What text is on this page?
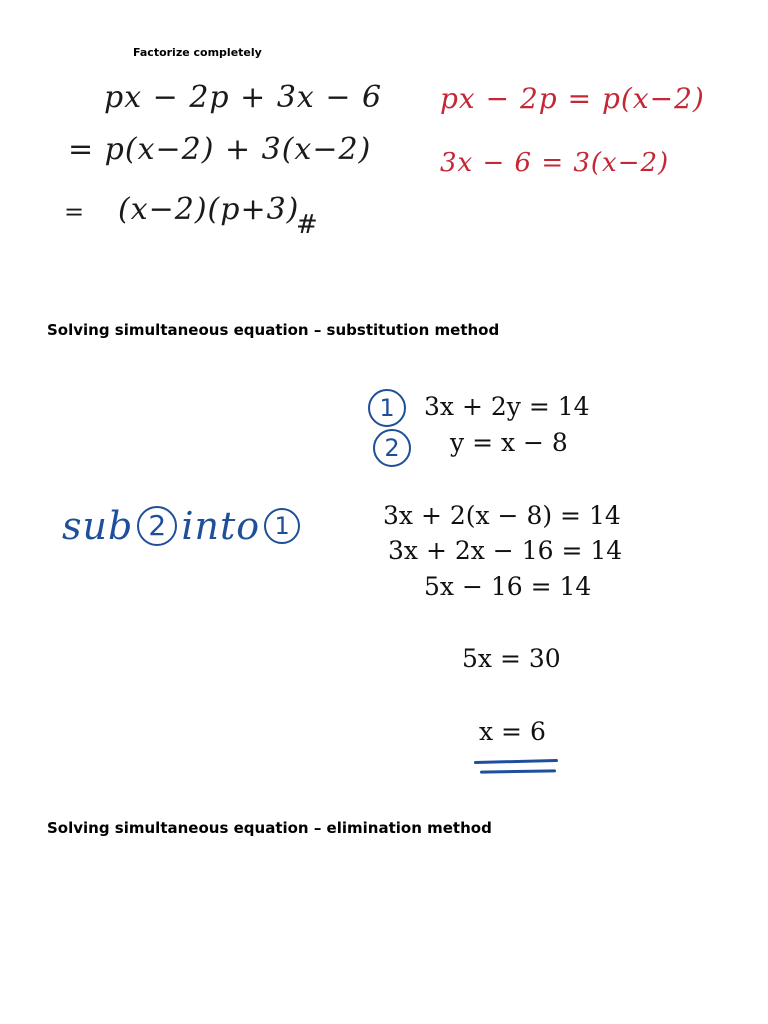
Factorize completely
px − 2p + 3x − 6
= p(x−2) + 3(x−2)
= (x−2)(p+3)
#
px − 2p = p(x−2)
3x − 6 = 3(x−2)
Solving simultaneous equation – substitution method
1	3x + 2y = 14
2	y = x − 8
sub 2 into 1	3x + 2(x − 8) = 14
3x + 2x − 16 = 14
5x − 16 = 14
5x = 30
x = 6
Solving simultaneous equation – elimination method
